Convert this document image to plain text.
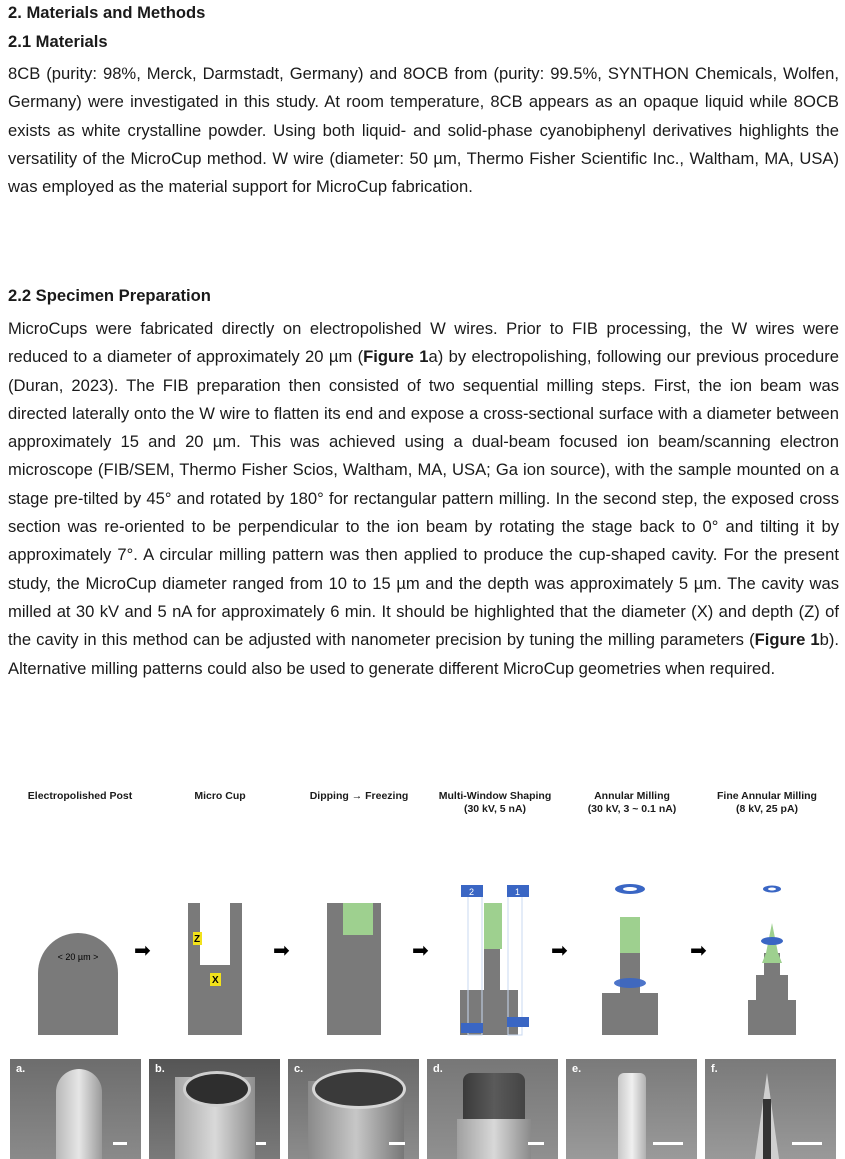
2. Materials and Methods
2.1 Materials
8CB (purity: 98%, Merck, Darmstadt, Germany) and 8OCB from (purity: 99.5%, SYNTHON Chemicals, Wolfen, Germany) were investigated in this study. At room temperature, 8CB appears as an opaque liquid while 8OCB exists as white crystalline powder. Using both liquid- and solid-phase cyanobiphenyl derivatives highlights the versatility of the MicroCup method. W wire (diameter: 50 µm, Thermo Fisher Scientific Inc., Waltham, MA, USA) was employed as the material support for MicroCup fabrication.
2.2 Specimen Preparation
MicroCups were fabricated directly on electropolished W wires. Prior to FIB processing, the W wires were reduced to a diameter of approximately 20 µm (Figure 1a) by electropolishing, following our previous procedure (Duran, 2023). The FIB preparation then consisted of two sequential milling steps. First, the ion beam was directed laterally onto the W wire to flatten its end and expose a cross-sectional surface with a diameter between approximately 15 and 20 µm. This was achieved using a dual-beam focused ion beam/scanning electron microscope (FIB/SEM, Thermo Fisher Scios, Waltham, MA, USA; Ga ion source), with the sample mounted on a stage pre-tilted by 45° and rotated by 180° for rectangular pattern milling. In the second step, the exposed cross section was re-oriented to be perpendicular to the ion beam by rotating the stage back to 0° and tilting it by approximately 7°. A circular milling pattern was then applied to produce the cup-shaped cavity. For the present study, the MicroCup diameter ranged from 10 to 15 µm and the depth was approximately 5 µm. The cavity was milled at 30 kV and 5 nA for approximately 6 min. It should be highlighted that the diameter (X) and depth (Z) of the cavity in this method can be adjusted with nanometer precision by tuning the milling parameters (Figure 1b). Alternative milling patterns could also be used to generate different MicroCup geometries when required.
Electropolished Post	Micro Cup	Dipping → Freezing	Multi-Window Shaping
(30 kV, 5 nA)
Annular Milling
(30 kV, 3 ~ 0.1 nA)
Fine Annular Milling
(8 kV, 25 pA)
< 20 µm > ➡	➡	➡	➡	➡
Z
X
2	1
a.	b.	c.	d.	e.	f.
